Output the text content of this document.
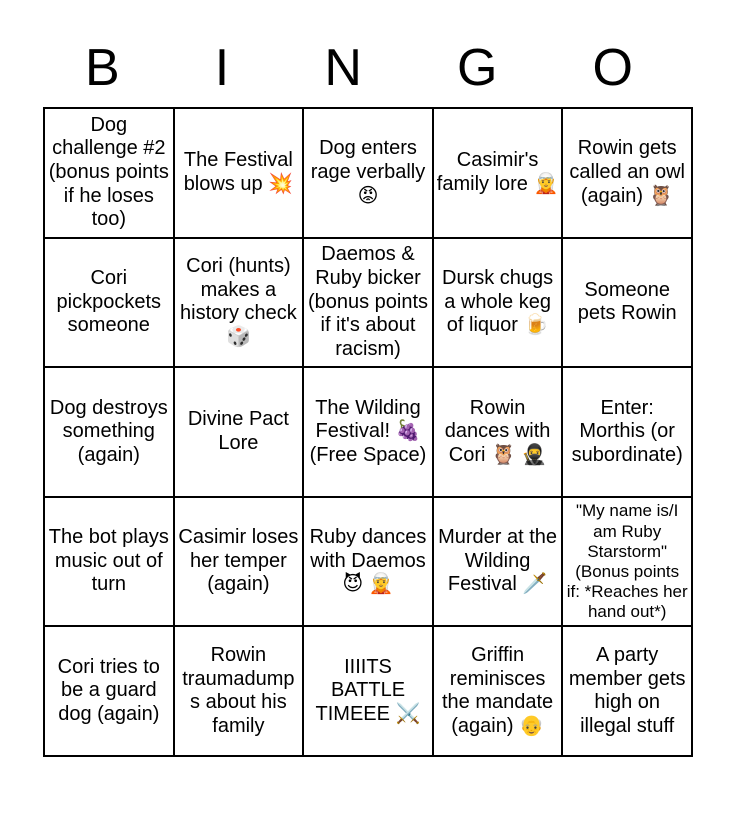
B I N G O
Dog challenge #2 (bonus points if he loses too)
The Festival blows up 💥
Dog enters rage verbally 😡
Casimir's family lore 🧝
Rowin gets called an owl (again) 🦉
Cori pickpockets someone
Cori (hunts) makes a history check 🎲
Daemos & Ruby bicker (bonus points if it's about racism)
Dursk chugs a whole keg of liquor 🍺
Someone pets Rowin
Dog destroys something (again)
Divine Pact Lore
The Wilding Festival! 🍇 (Free Space)
Rowin dances with Cori 🦉 🥷
Enter: Morthis (or subordinate)
The bot plays music out of turn
Casimir loses her temper (again)
Ruby dances with Daemos 😈 🧝
Murder at the Wilding Festival 🗡️
"My name is/I am Ruby Starstorm" (Bonus points if: *Reaches her hand out*)
Cori tries to be a guard dog (again)
Rowin traumadumps about his family
IIIITS BATTLE TIMEEE ⚔️
Griffin reminisces the mandate (again) 👴
A party member gets high on illegal stuff
